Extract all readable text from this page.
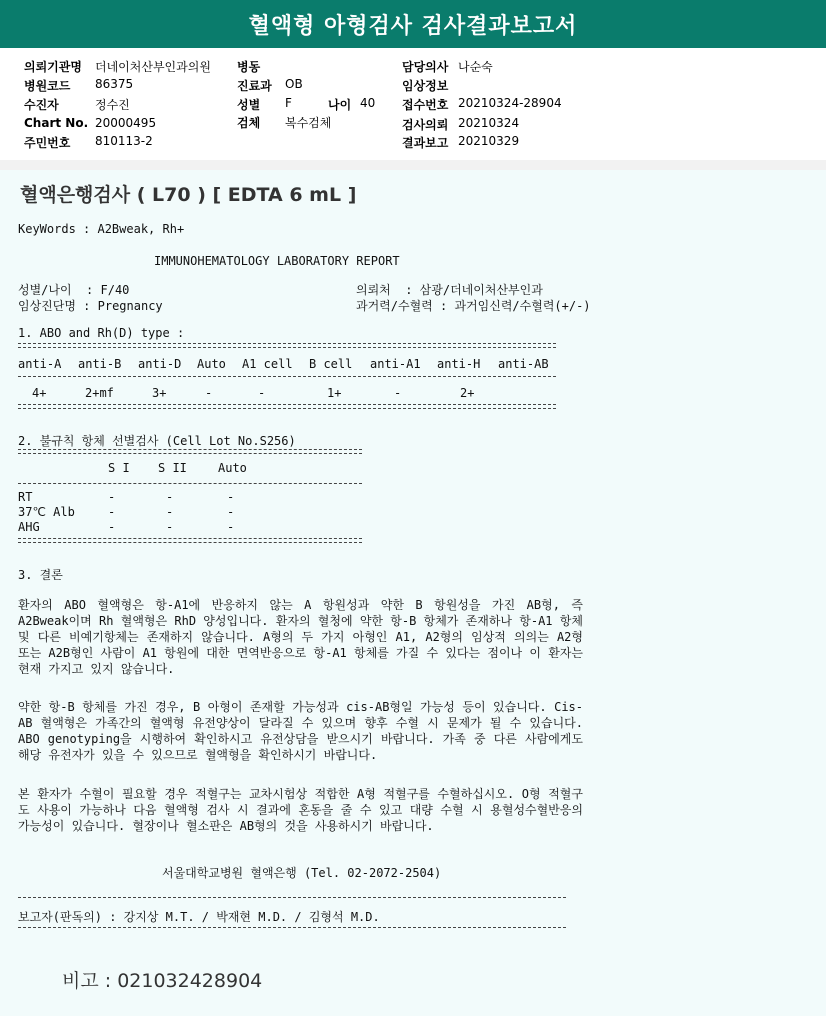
혈액형 아형검사 검사결과보고서
의뢰기관명 더네이처산부인과의원
병원코드 86375
수진자	정수진
Chart No. 20000495
주민번호 810113-2
병동
진료과 OB
성별 F	나이 40
검체 복수검체
담당의사 나순숙
임상정보
접수번호 20210324-28904
검사의뢰 20210324
결과보고 20210329
혈액은행검사 ( L70 ) [ EDTA 6 mL ]
KeyWords : A2Bweak, Rh+
IMMUNOHEMATOLOGY LABORATORY REPORT
성별/나이  : F/40
임상진단명 : Pregnancy
의뢰처  : 삼광/더네이처산부인과
과거력/수혈력 : 과거임신력/수혈력(+/-)
1. ABO and Rh(D) type :
anti-A anti-B anti-D Auto A1 cell B cell anti-A1 anti-H anti-AB
4+	2+mf	3+	-	-	1+	-	2+
2. 불규칙 항체 선별검사 (Cell Lot No.S256)
S I S II	Auto
RT	-	-	-
37℃ Alb	-	-	-
AHG	-	-	-
3. 결론
환자의 ABO 혈액형은 항-A1에 반응하지 않는 A 항원성과 약한 B 항원성을 가진 AB형, 즉 A2Bweak이며 Rh 혈액형은 RhD 양성입니다. 환자의 혈청에 약한 항-B 항체가 존재하나 항-A1 항체 및 다른 비예기항체는 존재하지 않습니다. A형의 두 가지 아형인 A1, A2형의 임상적 의의는 A2형 또는 A2B형인 사람이 A1 항원에 대한 면역반응으로 항-A1 항체를 가질 수 있다는 점이나 이 환자는 현재 가지고 있지 않습니다.
약한 항-B 항체를 가진 경우, B 아형이 존재할 가능성과 cis-AB형일 가능성 등이 있습니다. Cis-AB 혈액형은 가족간의 혈액형 유전양상이 달라질 수 있으며 향후 수혈 시 문제가 될 수 있습니다. ABO genotyping을 시행하여 확인하시고 유전상담을 받으시기 바랍니다. 가족 중 다른 사람에게도 해당 유전자가 있을 수 있으므로 혈액형을 확인하시기 바랍니다.
본 환자가 수혈이 필요할 경우 적혈구는 교차시험상 적합한 A형 적혈구를 수혈하십시오. O형 적혈구도 사용이 가능하나 다음 혈액형 검사 시 결과에 혼동을 줄 수 있고 대량 수혈 시 용혈성수혈반응의 가능성이 있습니다. 혈장이나 혈소판은 AB형의 것을 사용하시기 바랍니다.
서울대학교병원 혈액은행 (Tel. 02-2072-2504)
보고자(판독의) : 강지상 M.T. / 박재현 M.D. / 김형석 M.D.
비고 : 021032428904
